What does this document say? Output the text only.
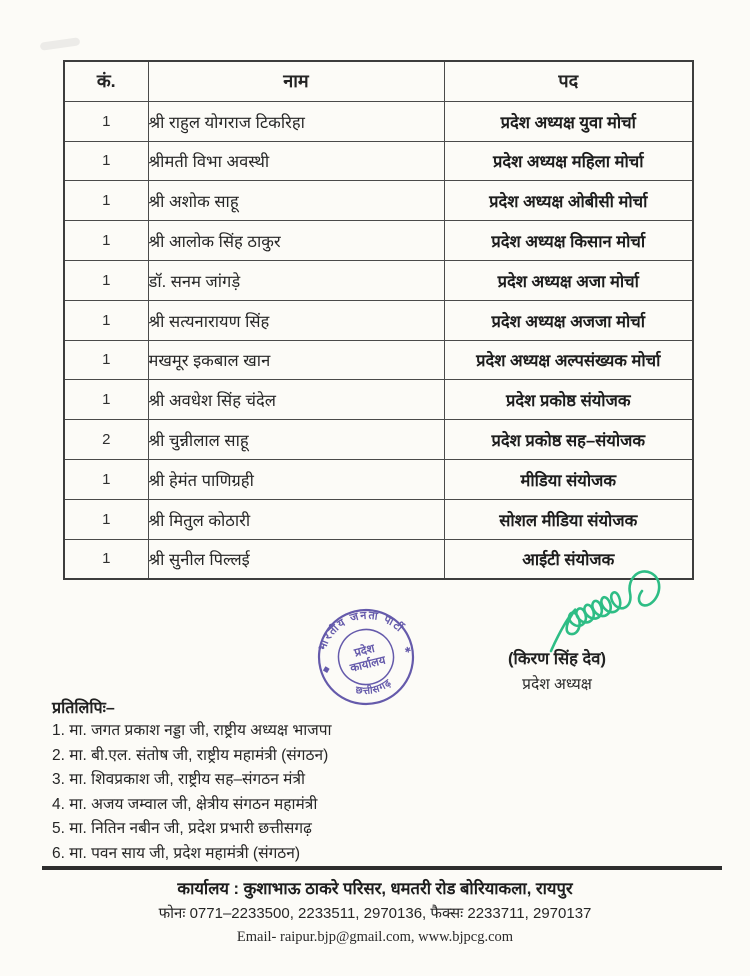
कं.	नाम	पद
1	श्री राहुल योगराज टिकरिहा	प्रदेश अध्यक्ष युवा मोर्चा
1	श्रीमती विभा अवस्थी	प्रदेश अध्यक्ष महिला मोर्चा
1	श्री अशोक साहू	प्रदेश अध्यक्ष ओबीसी मोर्चा
1	श्री आलोक सिंह ठाकुर	प्रदेश अध्यक्ष किसान मोर्चा
1	डॉ. सनम जांगड़े	प्रदेश अध्यक्ष अजा मोर्चा
1	श्री सत्यनारायण सिंह	प्रदेश अध्यक्ष अजजा मोर्चा
1	मखमूर इकबाल खान	प्रदेश अध्यक्ष अल्पसंख्यक मोर्चा
1	श्री अवधेश सिंह चंदेल	प्रदेश प्रकोष्ठ संयोजक
2	श्री चुन्नीलाल साहू	प्रदेश प्रकोष्ठ सह–संयोजक
1	श्री हेमंत पाणिग्रही	मीडिया संयोजक
1	श्री मितुल कोठारी	सोशल मीडिया संयोजक
1	श्री सुनील पिल्लई	आईटी संयोजक
भारतीय जनता पार्टी
छत्तीसगढ़
प्रदेश
कार्यालय
◆
✱	(किरण सिंह देव)
प्रदेश अध्यक्ष
प्रतिलिपिः–
1. मा. जगत प्रकाश नड्डा जी, राष्ट्रीय अध्यक्ष भाजपा
2. मा. बी.एल. संतोष जी, राष्ट्रीय महामंत्री (संगठन)
3. मा. शिवप्रकाश जी, राष्ट्रीय सह–संगठन मंत्री
4. मा. अजय जम्वाल जी, क्षेत्रीय संगठन महामंत्री
5. मा. नितिन नबीन जी, प्रदेश प्रभारी छत्तीसगढ़
6. मा. पवन साय जी, प्रदेश महामंत्री (संगठन)
कार्यालय : कुशाभाऊ ठाकरे परिसर, धमतरी रोड बोरियाकला, रायपुर
फोनः 0771–2233500, 2233511, 2970136, फैक्सः 2233711, 2970137
Email- raipur.bjp@gmail.com, www.bjpcg.com
